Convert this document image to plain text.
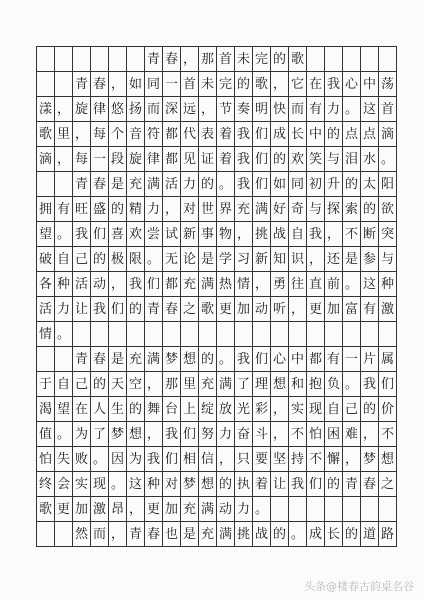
青 春 ， 那 首 未 完 的 歌
青 春 ， 如 同 一 首 未 完 的 歌 ， 它 在 我 心 中 荡
漾 ， 旋 律 悠 扬 而 深 远 ， 节 奏 明 快 而 有 力 。 这 首
歌 里 ， 每 个 音 符 都 代 表 着 我 们 成 长 中 的 点 点 滴
滴 ， 每 一 段 旋 律 都 见 证 着 我 们 的 欢 笑 与 泪 水 。
青 春 是 充 满 活 力 的 。 我 们 如 同 初 升 的 太 阳
拥 有 旺 盛 的 精 力 ， 对 世 界 充 满 好 奇 与 探 索 的 欲
望 。 我 们 喜 欢 尝 试 新 事 物 ， 挑 战 自 我 ， 不 断 突
破 自 己 的 极 限 。 无 论 是 学 习 新 知 识 ， 还 是 参 与
各 种 活 动 ， 我 们 都 充 满 热 情 ， 勇 往 直 前 。 这 种
活 力 让 我 们 的 青 春 之 歌 更 加 动 听 ， 更 加 富 有 激
情 。
青 春 是 充 满 梦 想 的 。 我 们 心 中 都 有 一 片 属
于 自 己 的 天 空 ， 那 里 充 满 了 理 想 和 抱 负 。 我 们
渴 望 在 人 生 的 舞 台 上 绽 放 光 彩 ， 实 现 自 己 的 价
值 。 为 了 梦 想 ， 我 们 努 力 奋 斗 ， 不 怕 困 难 ， 不
怕 失 败 。 因 为 我 们 相 信 ， 只 要 坚 持 不 懈 ， 梦 想
终 会 实 现 。 这 种 对 梦 想 的 执 着 让 我 们 的 青 春 之
歌 更 加 激 昂 ， 更 加 充 满 动 力 。
然 而 ， 青 春 也 是 充 满 挑 战 的 。 成 长 的 道 路
头条@楼春古韵桌名谷
